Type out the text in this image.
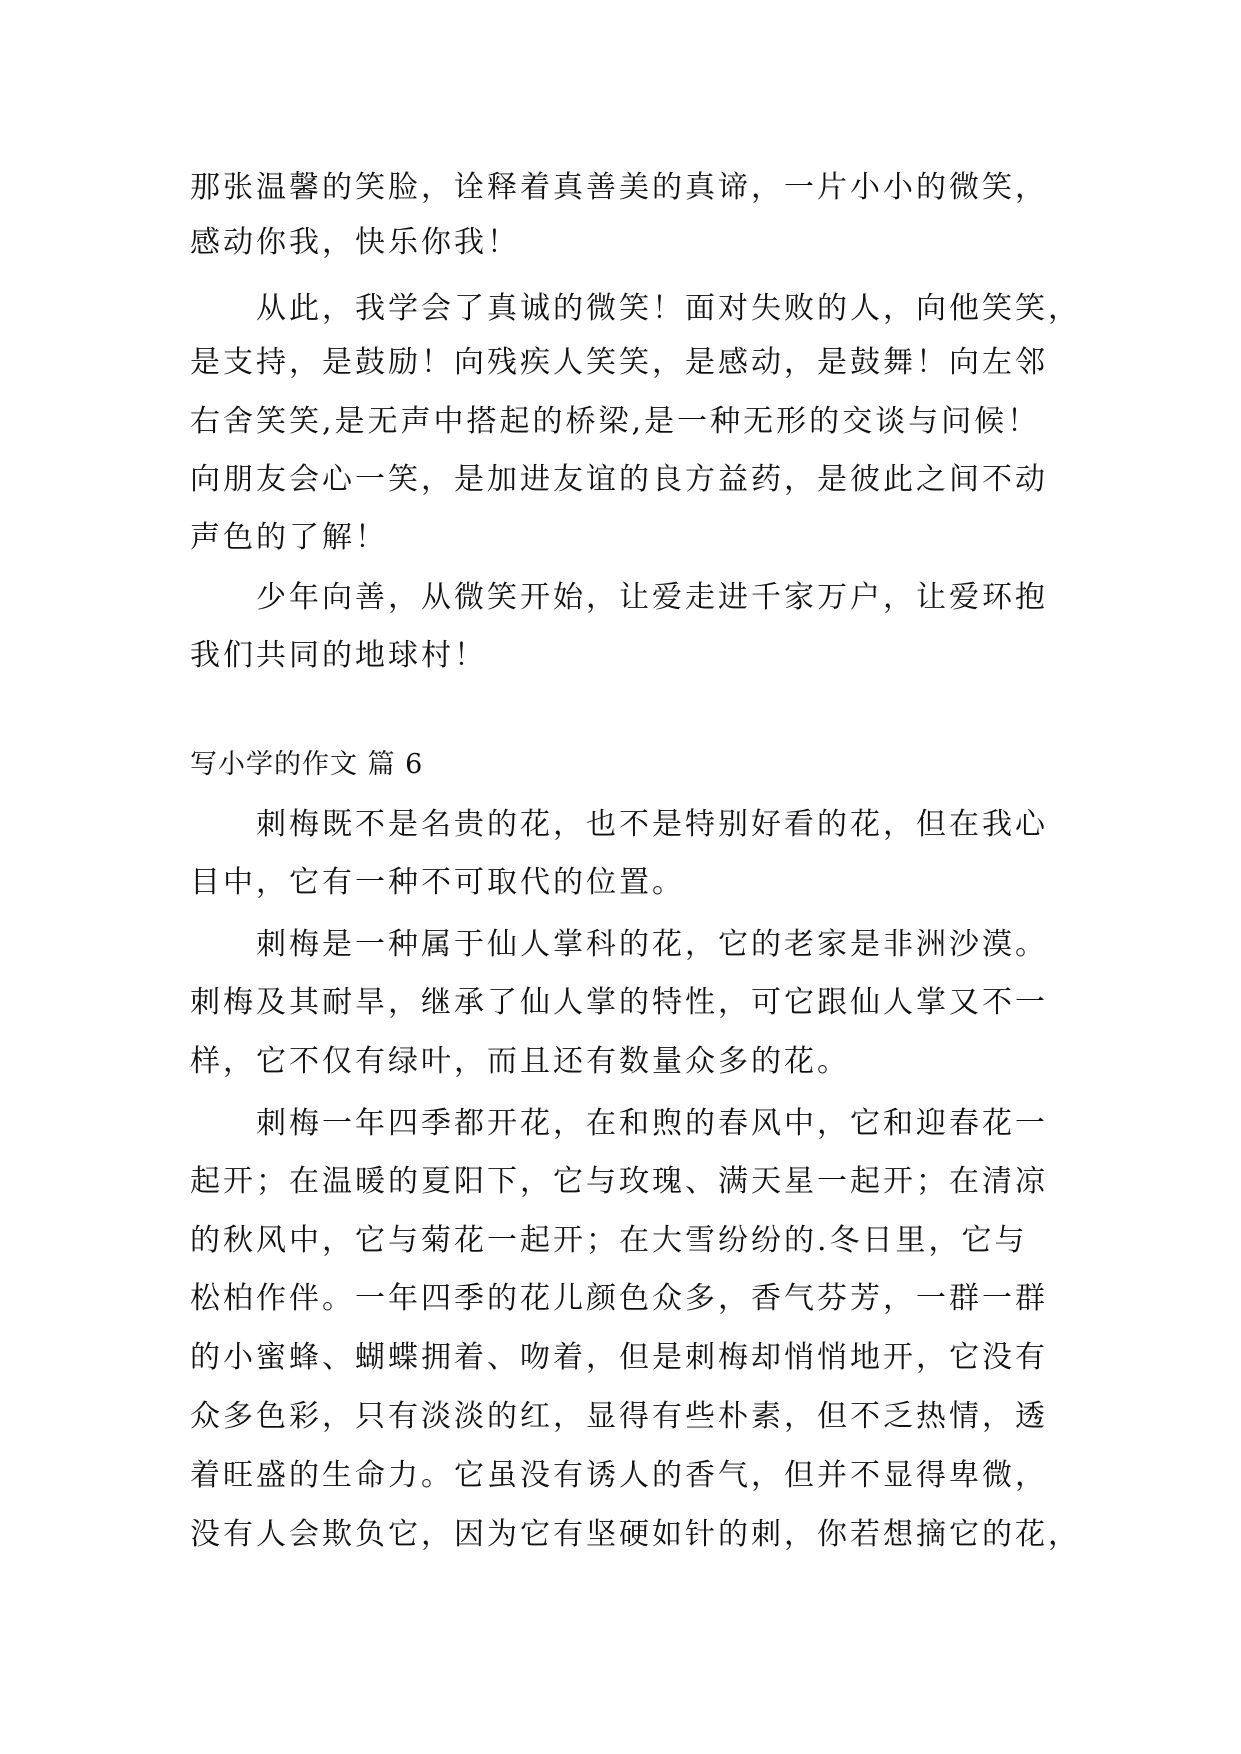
那张温馨的笑脸，诠释着真善美的真谛，一片小小的微笑，
感动你我，快乐你我！
　　从此，我学会了真诚的微笑！面对失败的人，向他笑笑，
是支持，是鼓励！向残疾人笑笑，是感动，是鼓舞！向左邻
右舍笑笑,是无声中搭起的桥梁,是一种无形的交谈与问候！
向朋友会心一笑，是加进友谊的良方益药，是彼此之间不动
声色的了解！
　　少年向善，从微笑开始，让爱走进千家万户，让爱环抱
我们共同的地球村！
写小学的作文 篇 6
　　刺梅既不是名贵的花，也不是特别好看的花，但在我心
目中，它有一种不可取代的位置。
　　刺梅是一种属于仙人掌科的花，它的老家是非洲沙漠。
刺梅及其耐旱，继承了仙人掌的特性，可它跟仙人掌又不一
样，它不仅有绿叶，而且还有数量众多的花。
　　刺梅一年四季都开花，在和煦的春风中，它和迎春花一
起开；在温暖的夏阳下，它与玫瑰、满天星一起开；在清凉
的秋风中，它与菊花一起开；在大雪纷纷的.冬日里，它与
松柏作伴。一年四季的花儿颜色众多，香气芬芳，一群一群
的小蜜蜂、蝴蝶拥着、吻着，但是刺梅却悄悄地开，它没有
众多色彩，只有淡淡的红，显得有些朴素，但不乏热情，透
着旺盛的生命力。它虽没有诱人的香气，但并不显得卑微，
没有人会欺负它，因为它有坚硬如针的刺，你若想摘它的花，
